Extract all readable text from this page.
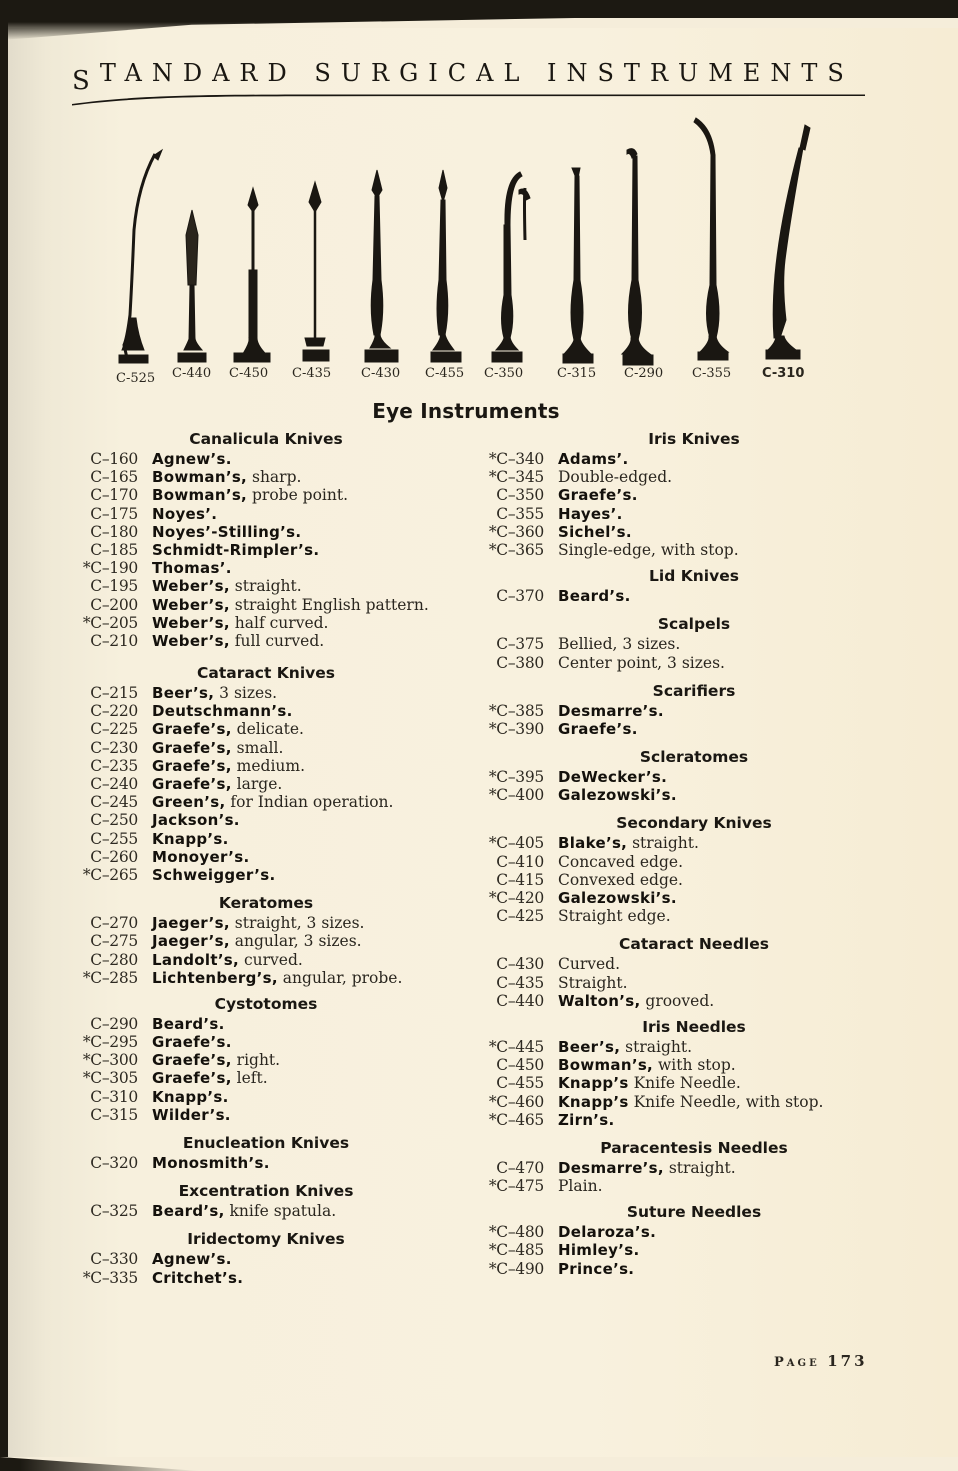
STANDARD SURGICAL INSTRUMENTS
C-525 C-440 C-450 C-435 C-430 C-455 C-350	C-315 C-290 C-355 C-310
Eye Instruments
Canalicula Knives
C–160 Agnew’s.
C–165 Bowman’s, sharp.
C–170 Bowman’s, probe point.
C–175 Noyes’.
C–180 Noyes’-Stilling’s.
C–185 Schmidt-Rimpler’s.
*C–190 Thomas’.
C–195 Weber’s, straight.
C–200 Weber’s, straight English pattern.
*C–205 Weber’s, half curved.
C–210 Weber’s, full curved.
Cataract Knives
C–215 Beer’s, 3 sizes.
C–220 Deutschmann’s.
C–225 Graefe’s, delicate.
C–230 Graefe’s, small.
C–235 Graefe’s, medium.
C–240 Graefe’s, large.
C–245 Green’s, for Indian operation.
C–250 Jackson’s.
C–255 Knapp’s.
C–260 Monoyer’s.
*C–265 Schweigger’s.
Keratomes
C–270 Jaeger’s, straight, 3 sizes.
C–275 Jaeger’s, angular, 3 sizes.
C–280 Landolt’s, curved.
*C–285 Lichtenberg’s, angular, probe.
Cystotomes
C–290 Beard’s.
*C–295 Graefe’s.
*C–300 Graefe’s, right.
*C–305 Graefe’s, left.
C–310 Knapp’s.
C–315 Wilder’s.
Enucleation Knives
C–320 Monosmith’s.
Excentration Knives
C–325 Beard’s, knife spatula.
Iridectomy Knives
C–330 Agnew’s.
*C–335 Critchet’s.
Iris Knives
*C–340 Adams’.
*C–345 Double-edged.
C–350 Graefe’s.
C–355 Hayes’.
*C–360 Sichel’s.
*C–365 Single-edge, with stop.
Lid Knives
C–370 Beard’s.
Scalpels
C–375 Bellied, 3 sizes.
C–380 Center point, 3 sizes.
Scarifiers
*C–385 Desmarre’s.
*C–390 Graefe’s.
Scleratomes
*C–395 DeWecker’s.
*C–400 Galezowski’s.
Secondary Knives
*C–405 Blake’s, straight.
C–410 Concaved edge.
C–415 Convexed edge.
*C–420 Galezowski’s.
C–425 Straight edge.
Cataract Needles
C–430 Curved.
C–435 Straight.
C–440 Walton’s, grooved.
Iris Needles
*C–445 Beer’s, straight.
C–450 Bowman’s, with stop.
C–455 Knapp’s Knife Needle.
*C–460 Knapp’s Knife Needle, with stop.
*C–465 Zirn’s.
Paracentesis Needles
C–470 Desmarre’s, straight.
*C–475 Plain.
Suture Needles
*C–480 Delaroza’s.
*C–485 Himley’s.
*C–490 Prince’s.
PAGE 173
